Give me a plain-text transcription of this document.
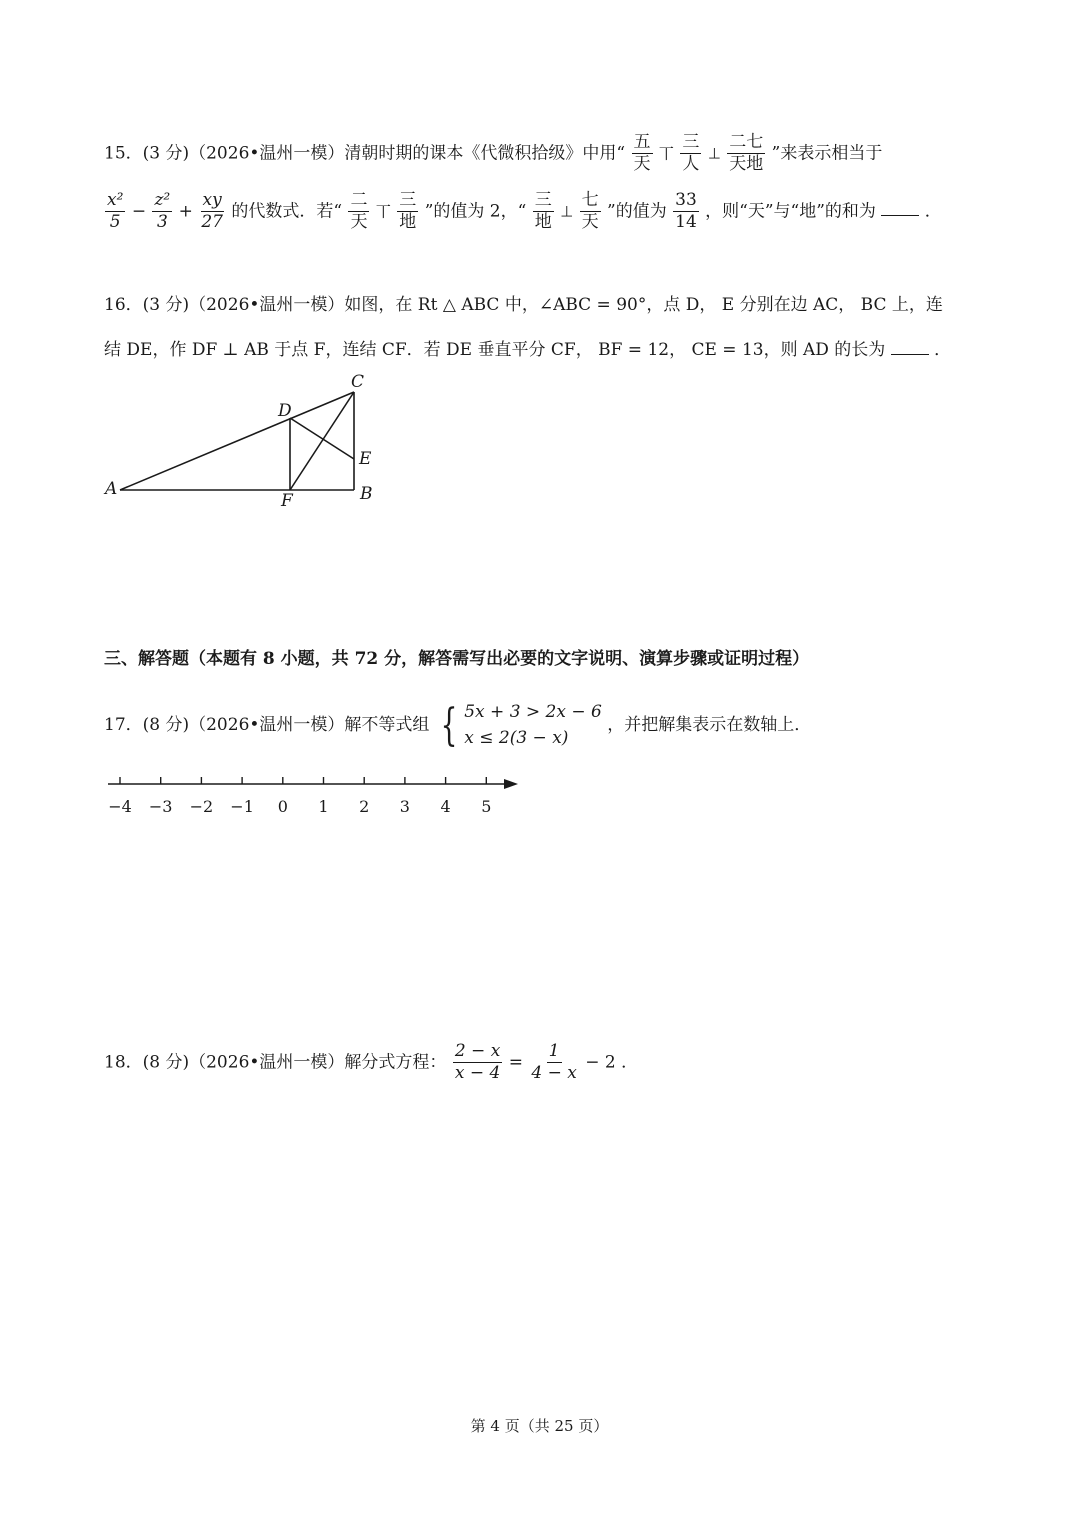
15．(3 分)（2026•温州一模）清朝时期的课本《代微积拾级》中用“ $\frac{\text{五}}{\text{天}}$ 丅 $\frac{\text{三}}{\text{人}}$ ⊥ $\frac{\text{二七}}{\text{天地}}$ ”来表示相当于
$\frac{\text{x²}}{5} - \frac{\text{z²}}{3} + \frac{xy}{27}$ 的代数式．若“ $\frac{\text{二}}{\text{天}}$ 丅 $\frac{\text{三}}{\text{地}}$ ”的值为 2，“ $\frac{\text{三}}{\text{地}}$ ⊥ $\frac{\text{七}}{\text{天}}$ ”的值为 $\frac{33}{14}$ ，则“天”与“地”的和为	．
16．(3 分)（2026•温州一模）如图，在 Rt △ ABC 中，∠ABC = 90°，点 D， E 分别在边 AC， BC 上，连
结 DE，作 DF ⊥ AB 于点 F，连结 CF．若 DE 垂直平分 CF， BF = 12， CE = 13，则 AD 的长为	．
A	B
C
D
E
F
三、解答题（本题有 8 小题，共 72 分，解答需写出必要的文字说明、演算步骤或证明过程）
17．(8 分)（2026•温州一模）解不等式组 { 5x + 3 > 2x − 6
x ≤ 2(3 − x)
，并把解集表示在数轴上．
−4 −3 −2 −1 0 1 2 3 4 5
18．(8 分)（2026•温州一模）解分式方程： $\frac{2 - x}{x - 4} = \frac{1}{4 - x} - 2$ ．
第 4 页（共 25 页）
